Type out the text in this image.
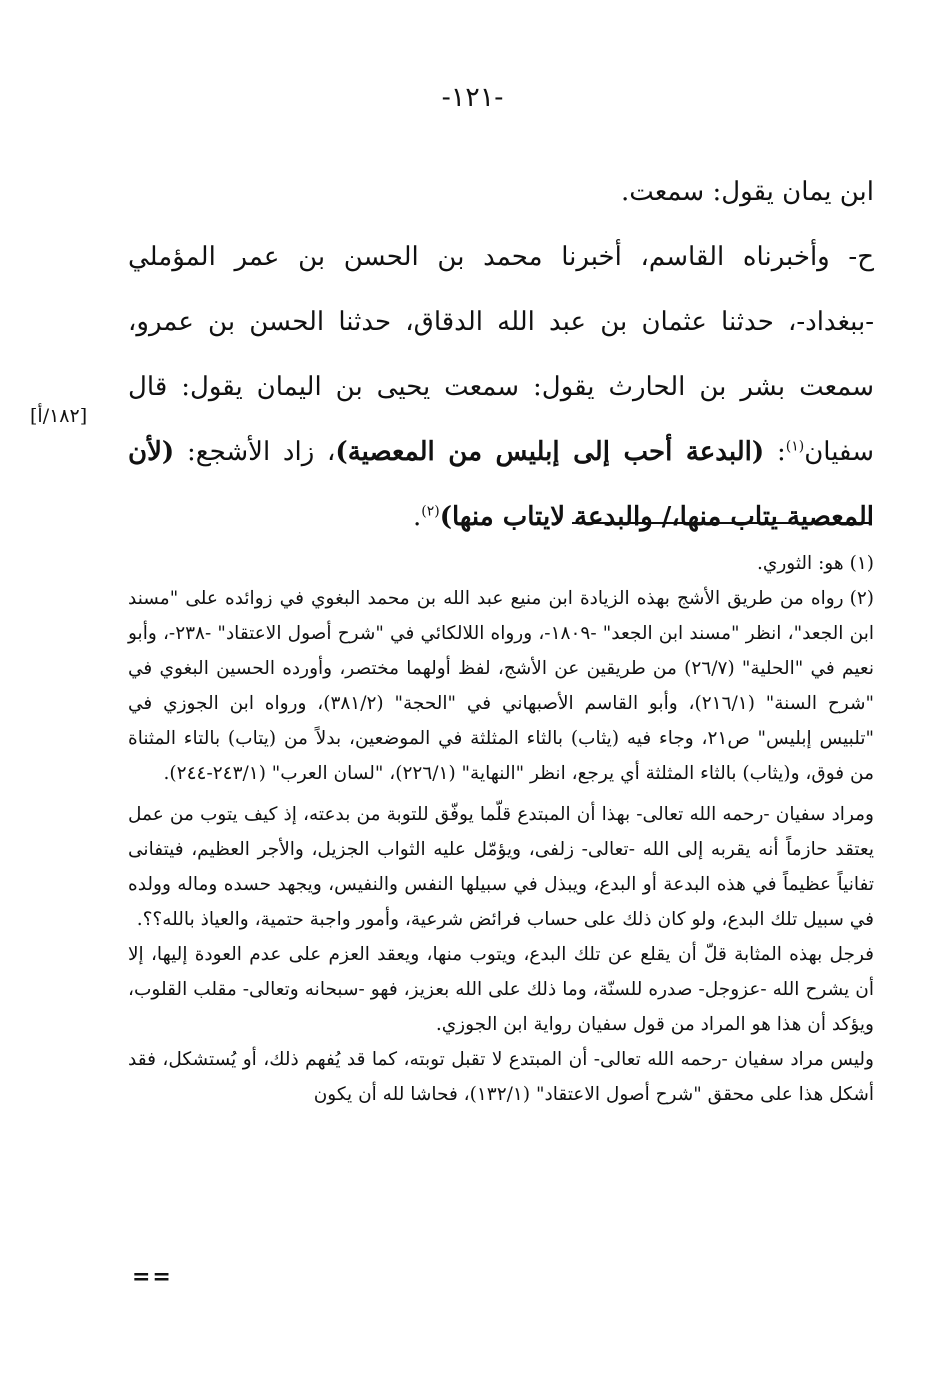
-١٢١-

ابن يمان يقول: سمعت.

ح- وأخبرناه القاسم، أخبرنا محمد بن الحسن بن عمر المؤملي -ببغداد-، حدثنا عثمان بن عبد الله الدقاق، حدثنا الحسن بن عمرو، سمعت بشر بن الحارث يقول: سمعت يحيى بن اليمان يقول: قال سفيان$^{(١)}$: (البدعة أحب إلى إبليس من المعصية)، زاد الأشجع: (لأن المعصية يتاب منها،/ والبدعة لايتاب منها)$^{(٢)}$.

[١٨٢/أ]

(١)هو: الثوري.

(٢)رواه من طريق الأشج بهذه الزيادة ابن منيع عبد الله بن محمد البغوي في زوائده على "مسند ابن الجعد"، انظر "مسند ابن الجعد" -١٨٠٩-، ورواه اللالكائي في "شرح أصول الاعتقاد" -٢٣٨-، وأبو نعيم في "الحلية" (٢٦/٧) من طريقين عن الأشج، لفظ أولهما مختصر، وأورده الحسين البغوي في "شرح السنة" (٢١٦/١)، وأبو القاسم الأصبهاني في "الحجة" (٣٨١/٢)، ورواه ابن الجوزي في "تلبيس إبليس" ص٢١، وجاء فيه (يثاب) بالثاء المثلثة في الموضعين، بدلاً من (يتاب) بالتاء المثناة من فوق، و(يثاب) بالثاء المثلثة أي يرجع، انظر "النهاية" (٢٢٦/١)، "لسان العرب" (٢٤٣/١-٢٤٤).

ومراد سفيان -رحمه الله تعالى- بهذا أن المبتدع قلّما يوفّق للتوبة من بدعته، إذ كيف يتوب من عمل يعتقد حازماً أنه يقربه إلى الله -تعالى- زلفى، ويؤمّل عليه الثواب الجزيل، والأجر العظيم، فيتفانى تفانياً عظيماً في هذه البدعة أو البدع، ويبذل في سبيلها النفس والنفيس، ويجهد حسده وماله وولده في سبيل تلك البدع، ولو كان ذلك على حساب فرائض شرعية، وأمور واجبة حتمية، والعياذ بالله؟؟.

فرجل بهذه المثابة قلّ أن يقلع عن تلك البدع، ويتوب منها، ويعقد العزم على عدم العودة إليها، إلا أن يشرح الله -عزوجل- صدره للسنّة، وما ذلك على الله بعزيز، فهو -سبحانه وتعالى- مقلب القلوب، ويؤكد أن هذا هو المراد من قول سفيان رواية ابن الجوزي.

وليس مراد سفيان -رحمه الله تعالى- أن المبتدع لا تقبل توبته، كما قد يُفهم ذلك، أو يُستشكل، فقد أشكل هذا على محقق "شرح أصول الاعتقاد" (١٣٢/١)، فحاشا لله أن يكون

==
